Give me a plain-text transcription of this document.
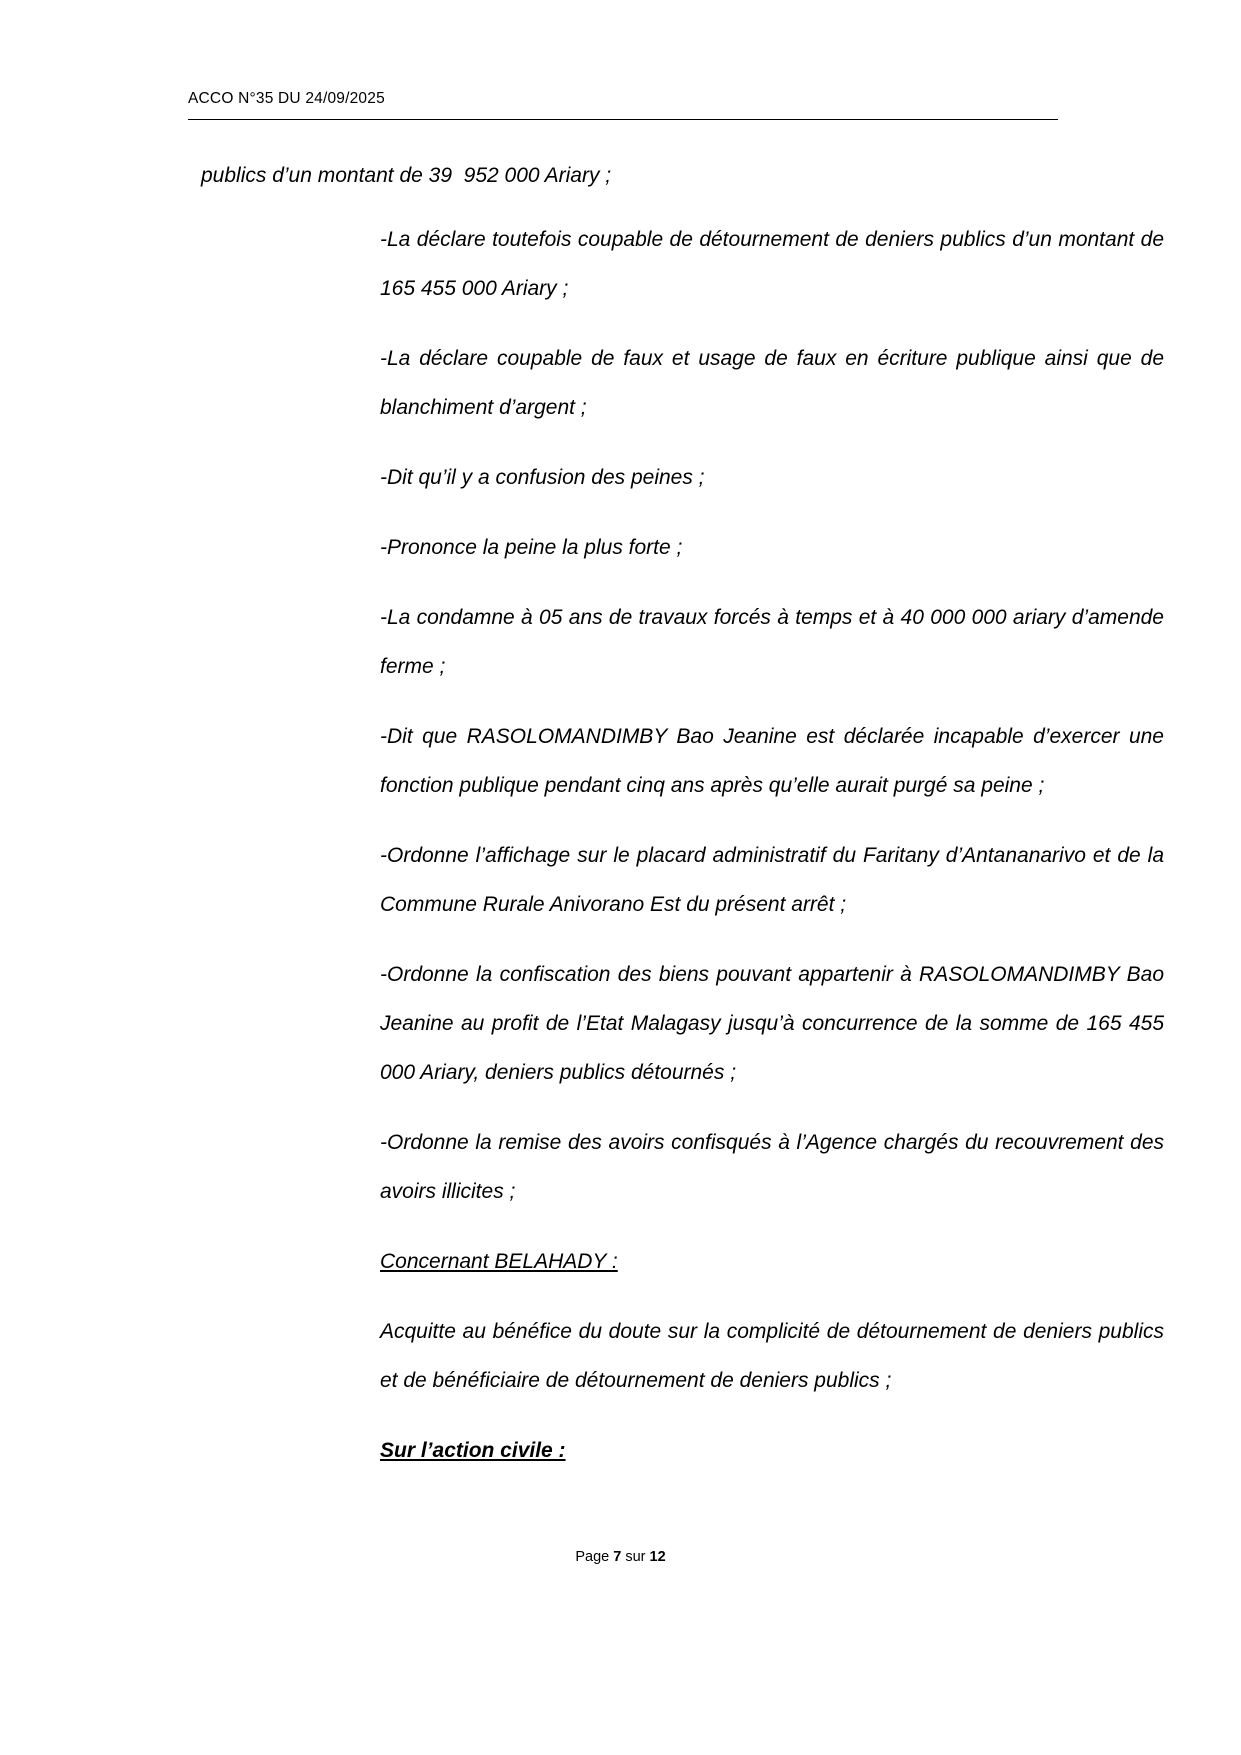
ACCO N°35 DU 24/09/2025
publics d’un montant de 39  952 000 Ariary ;

-La déclare toutefois coupable de détournement de deniers publics d’un montant de 165 455 000 Ariary ;

-La déclare coupable de faux et usage de faux en écriture publique ainsi que de blanchiment d’argent ;

-Dit qu’il y a confusion des peines ;

-Prononce la peine la plus forte ;

-La condamne à 05 ans de travaux forcés à temps et à 40 000 000 ariary d’amende ferme ;

-Dit que RASOLOMANDIMBY Bao Jeanine est déclarée incapable d’exercer une fonction publique pendant cinq ans après qu’elle aurait purgé sa peine ;

-Ordonne l’affichage sur le placard administratif du Faritany d’Antananarivo et de la Commune Rurale Anivorano Est du présent arrêt ;

-Ordonne la confiscation des biens pouvant appartenir à RASOLOMANDIMBY Bao Jeanine au profit de l’Etat Malagasy jusqu’à concurrence de la somme de 165 455 000 Ariary, deniers publics détournés ;

-Ordonne la remise des avoirs confisqués à l’Agence chargés du recouvrement des avoirs illicites ;

Concernant BELAHADY :

Acquitte au bénéfice du doute sur la complicité de détournement de deniers publics et de bénéficiaire de détournement de deniers publics ;

Sur l’action civile :

Page 7 sur 12
